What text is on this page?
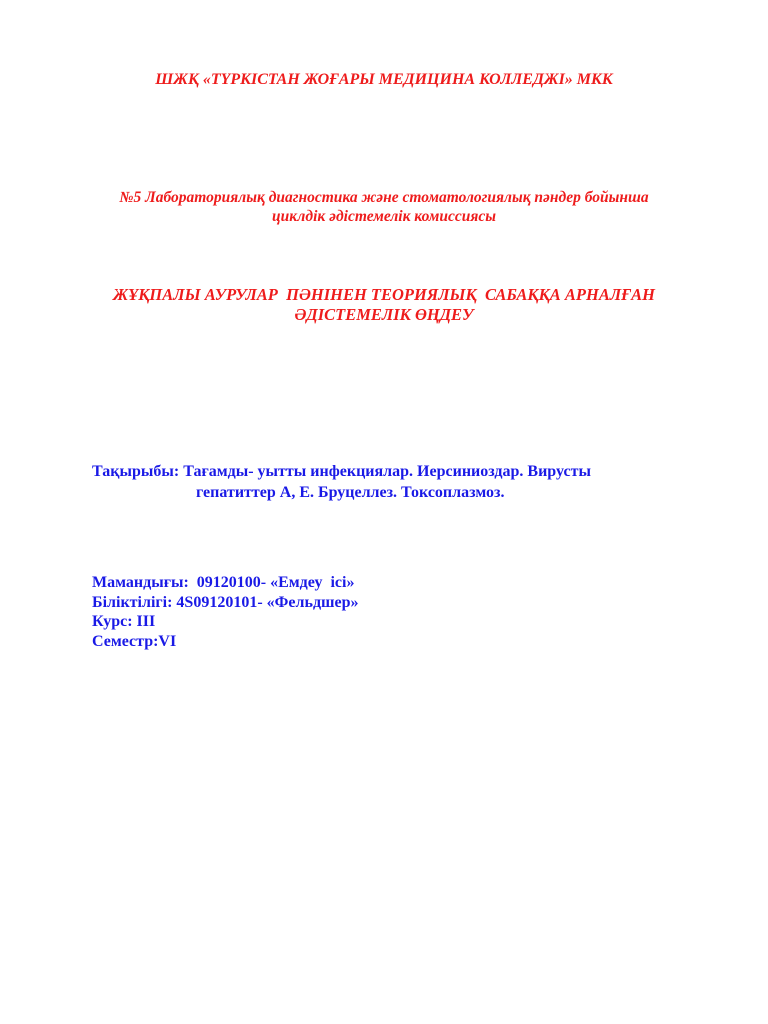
ШЖҚ «ТҮРКІСТАН ЖОҒАРЫ МЕДИЦИНА КОЛЛЕДЖІ» МКК
№5 Лабораториялық диагностика және стоматологиялық пәндер бойынша
циклдік әдістемелік комиссиясы
ЖҰҚПАЛЫ АУРУЛАР  ПӘНІНЕН ТЕОРИЯЛЫҚ  САБАҚҚА АРНАЛҒАН
ӘДІСТЕМЕЛІК ӨҢДЕУ
Тақырыбы: Тағамды- уытты инфекциялар. Иерсиниоздар. Вирусты
гепатиттер А, Е. Бруцеллез. Токсоплазмоз.
Мамандығы:  09120100- «Емдеу  ісі»
Біліктілігі: 4S09120101- «Фельдшер»
Курс: III
Семестр:VI
